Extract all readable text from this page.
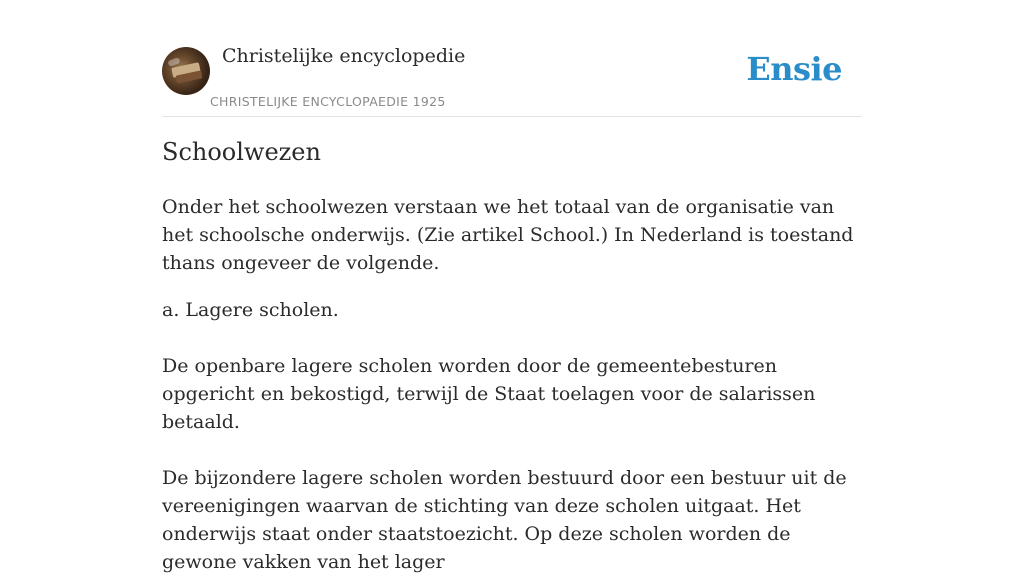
Christelijke encyclopedie
CHRISTELIJKE ENCYCLOPAEDIE 1925
Ensie
Schoolwezen

Onder het schoolwezen verstaan we het totaal van de organisatie van het schoolsche onderwijs. (Zie artikel School.) In Nederland is toestand thans ongeveer de volgende.

a. Lagere scholen.

De openbare lagere scholen worden door de gemeentebesturen opgericht en bekostigd, terwijl de Staat toelagen voor de salarissen betaald.

De bijzondere lagere scholen worden bestuurd door een bestuur uit de vereenigingen waarvan de stichting van deze scholen uitgaat. Het onderwijs staat onder staatstoezicht. Op deze scholen worden de gewone vakken van het lager
